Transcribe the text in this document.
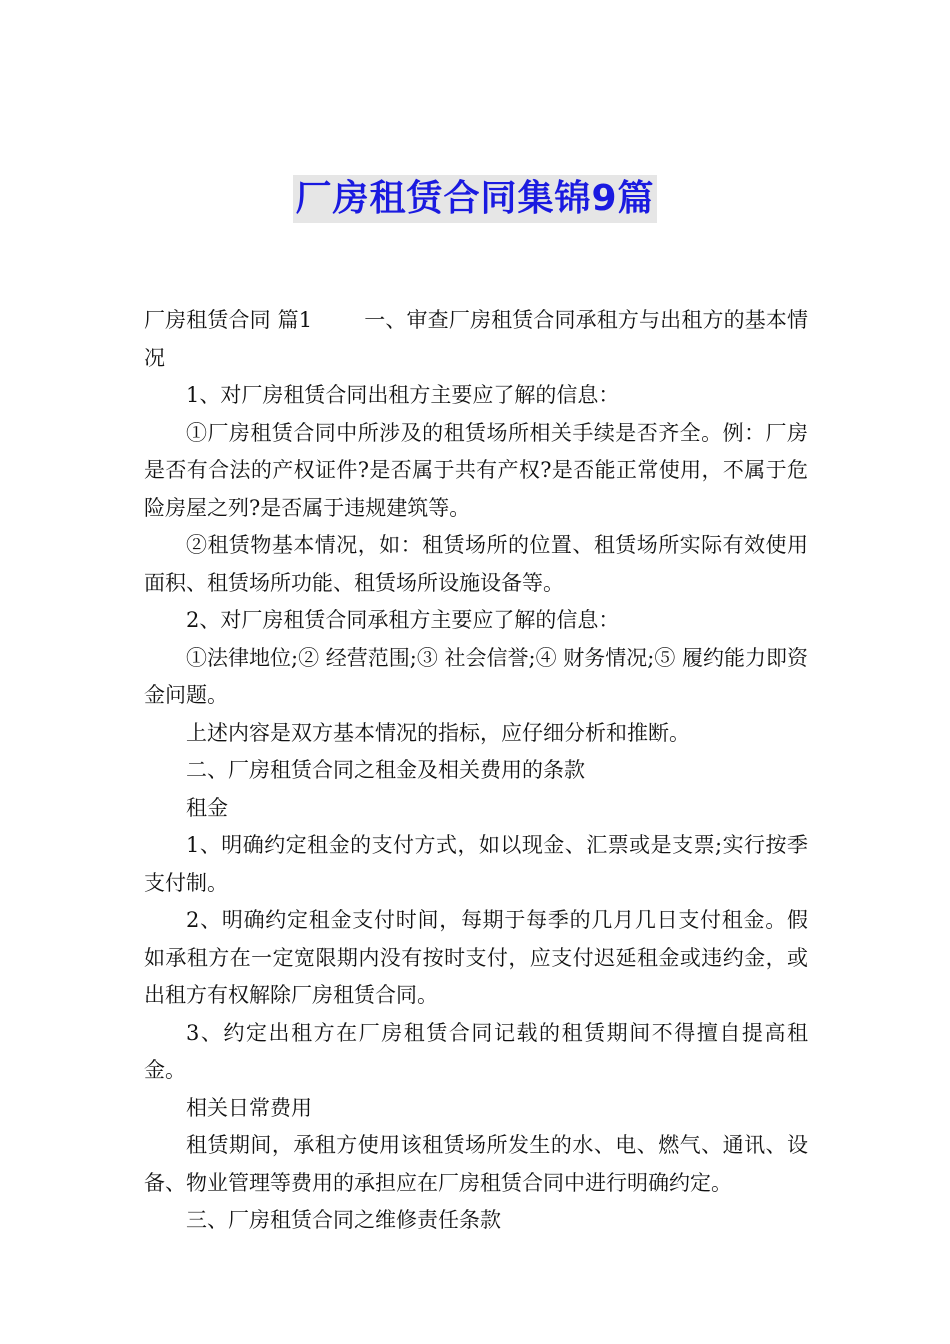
厂房租赁合同集锦9篇

厂房租赁合同 篇1 一、审查厂房租赁合同承租方与出租方的基本情况

1、对厂房租赁合同出租方主要应了解的信息：

①厂房租赁合同中所涉及的租赁场所相关手续是否齐全。例：厂房是否有合法的产权证件?是否属于共有产权?是否能正常使用，不属于危险房屋之列?是否属于违规建筑等。

②租赁物基本情况，如：租赁场所的位置、租赁场所实际有效使用面积、租赁场所功能、租赁场所设施设备等。

2、对厂房租赁合同承租方主要应了解的信息：

①法律地位;② 经营范围;③ 社会信誉;④ 财务情况;⑤ 履约能力即资金问题。

上述内容是双方基本情况的指标，应仔细分析和推断。

二、厂房租赁合同之租金及相关费用的条款

租金

1、明确约定租金的支付方式，如以现金、汇票或是支票;实行按季支付制。

2、明确约定租金支付时间，每期于每季的几月几日支付租金。假如承租方在一定宽限期内没有按时支付，应支付迟延租金或违约金，或出租方有权解除厂房租赁合同。

3、约定出租方在厂房租赁合同记载的租赁期间不得擅自提高租金。

相关日常费用

租赁期间，承租方使用该租赁场所发生的水、电、燃气、通讯、设备、物业管理等费用的承担应在厂房租赁合同中进行明确约定。

三、厂房租赁合同之维修责任条款
